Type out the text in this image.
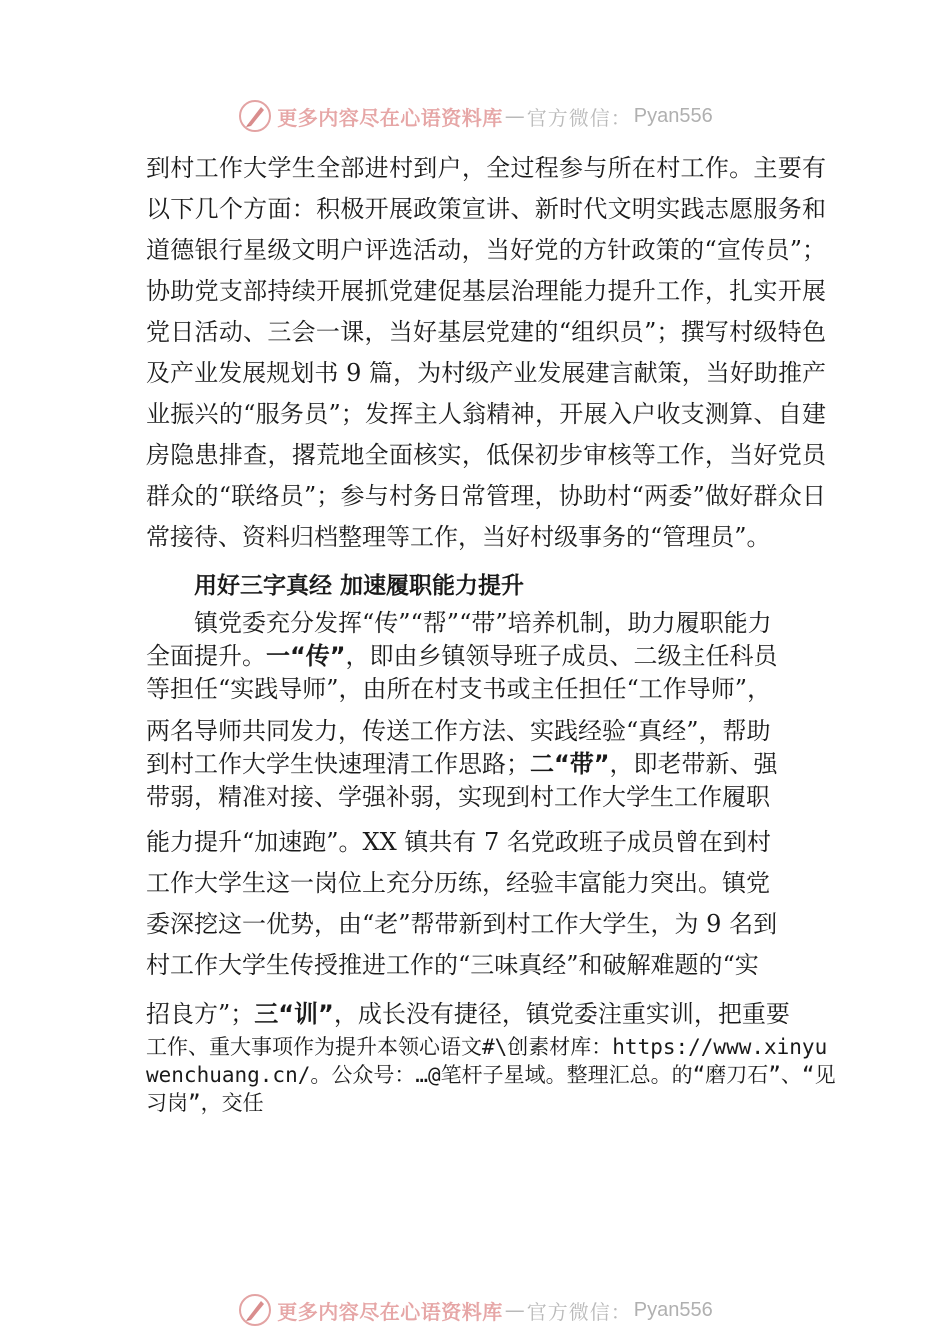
更多内容尽在心语资料库 — 官方微信： Pyan556

到村工作大学生全部进村到户，全过程参与所在村工作。主要有以下几个方面：积极开展政策宣讲、新时代文明实践志愿服务和道德银行星级文明户评选活动，当好党的方针政策的“宣传员”；协助党支部持续开展抓党建促基层治理能力提升工作，扎实开展党日活动、三会一课，当好基层党建的“组织员”；撰写村级特色及产业发展规划书 9 篇，为村级产业发展建言献策，当好助推产业振兴的“服务员”；发挥主人翁精神，开展入户收支测算、自建房隐患排查，撂荒地全面核实，低保初步审核等工作，当好党员群众的“联络员”；参与村务日常管理，协助村“两委”做好群众日常接待、资料归档整理等工作，当好村级事务的“管理员”。

用好三字真经 加速履职能力提升
镇党委充分发挥“传”“帮”“带”培养机制，助力履职能力
全面提升。一“传”，即由乡镇领导班子成员、二级主任科员
等担任“实践导师”，由所在村支书或主任担任“工作导师”，
两名导师共同发力，传送工作方法、实践经验“真经”，帮助
到村工作大学生快速理清工作思路；二“带”，即老带新、强
带弱，精准对接、学强补弱，实现到村工作大学生工作履职
能力提升“加速跑”。XX 镇共有 7 名党政班子成员曾在到村
工作大学生这一岗位上充分历练，经验丰富能力突出。镇党
委深挖这一优势，由“老”帮带新到村工作大学生，为 9 名到
村工作大学生传授推进工作的“三味真经”和破解难题的“实
招良方”；三“训”，成长没有捷径，镇党委注重实训，把重要

工作、重大事项作为提升本领心语文#\创素材库：https://www.xinyuwenchuang.cn/。公众号：…@笔杆子星域。整理汇总。的“磨刀石”、“见习岗”，交任

更多内容尽在心语资料库 — 官方微信： Pyan556
